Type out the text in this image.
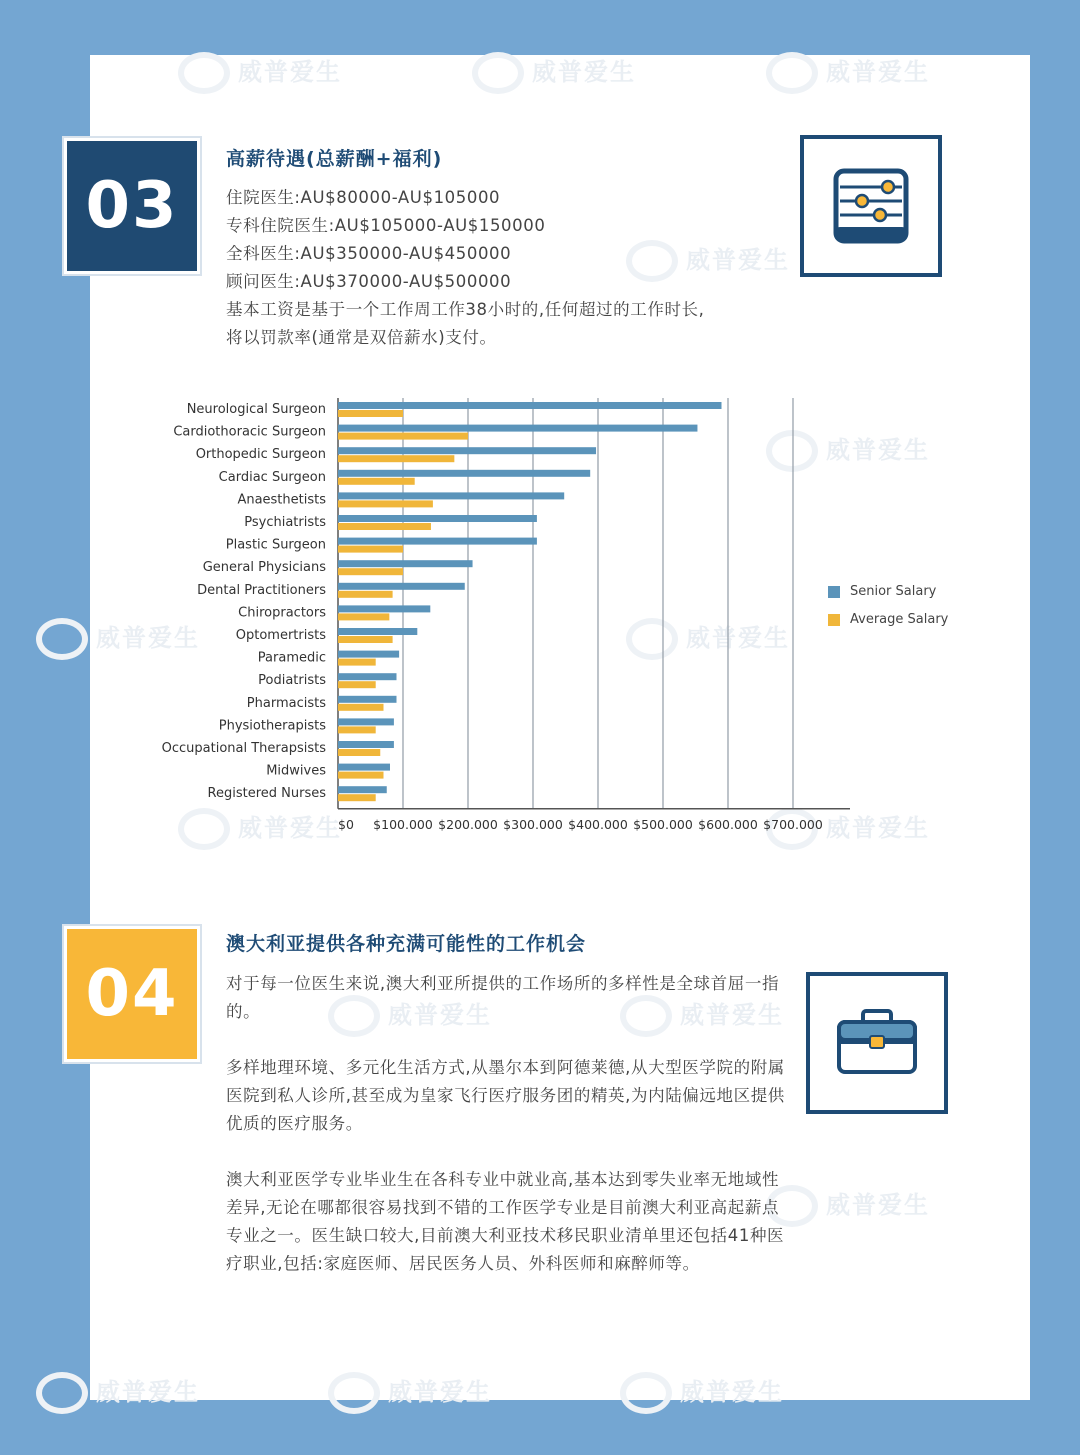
威普爱生	威普爱生	威普爱生
威普爱生
威普爱生
威普爱生	威普爱生
威普爱生	威普爱生
威普爱生	威普爱生
威普爱生
威普爱生	威普爱生	威普爱生
03
高薪待遇(总薪酬+福利)

住院医生:AU$80000-AU$105000

专科住院医生:AU$105000-AU$150000

全科医生:AU$350000-AU$450000

顾问医生:AU$370000-AU$500000

基本工资是基于一个工作周工作38小时的,任何超过的工作时长,

将以罚款率(通常是双倍薪水)支付。

$0 $100.000 $200.000 $300.000 $400.000 $500.000 $600.000 $700.000
Neurological Surgeon
Cardiothoracic Surgeon
Orthopedic Surgeon
Cardiac Surgeon
Anaesthetists
Psychiatrists
Plastic Surgeon
General Physicians
Dental Practitioners
Chiropractors
Optomertrists
Paramedic
Podiatrists
Pharmacists
Physiotherapists
Occupational Therapsists
Midwives
Registered Nurses
Senior Salary
Average Salary
04
澳大利亚提供各种充满可能性的工作机会

对于每一位医生来说,澳大利亚所提供的工作场所的多样性是全球首屈一指的。

多样地理环境、多元化生活方式,从墨尔本到阿德莱德,从大型医学院的附属医院到私人诊所,甚至成为皇家飞行医疗服务团的精英,为内陆偏远地区提供优质的医疗服务。

澳大利亚医学专业毕业生在各科专业中就业高,基本达到零失业率无地域性差异,无论在哪都很容易找到不错的工作医学专业是目前澳大利亚高起薪点专业之一。医生缺口较大,目前澳大利亚技术移民职业清单里还包括41种医疗职业,包括:家庭医师、居民医务人员、外科医师和麻醉师等。
